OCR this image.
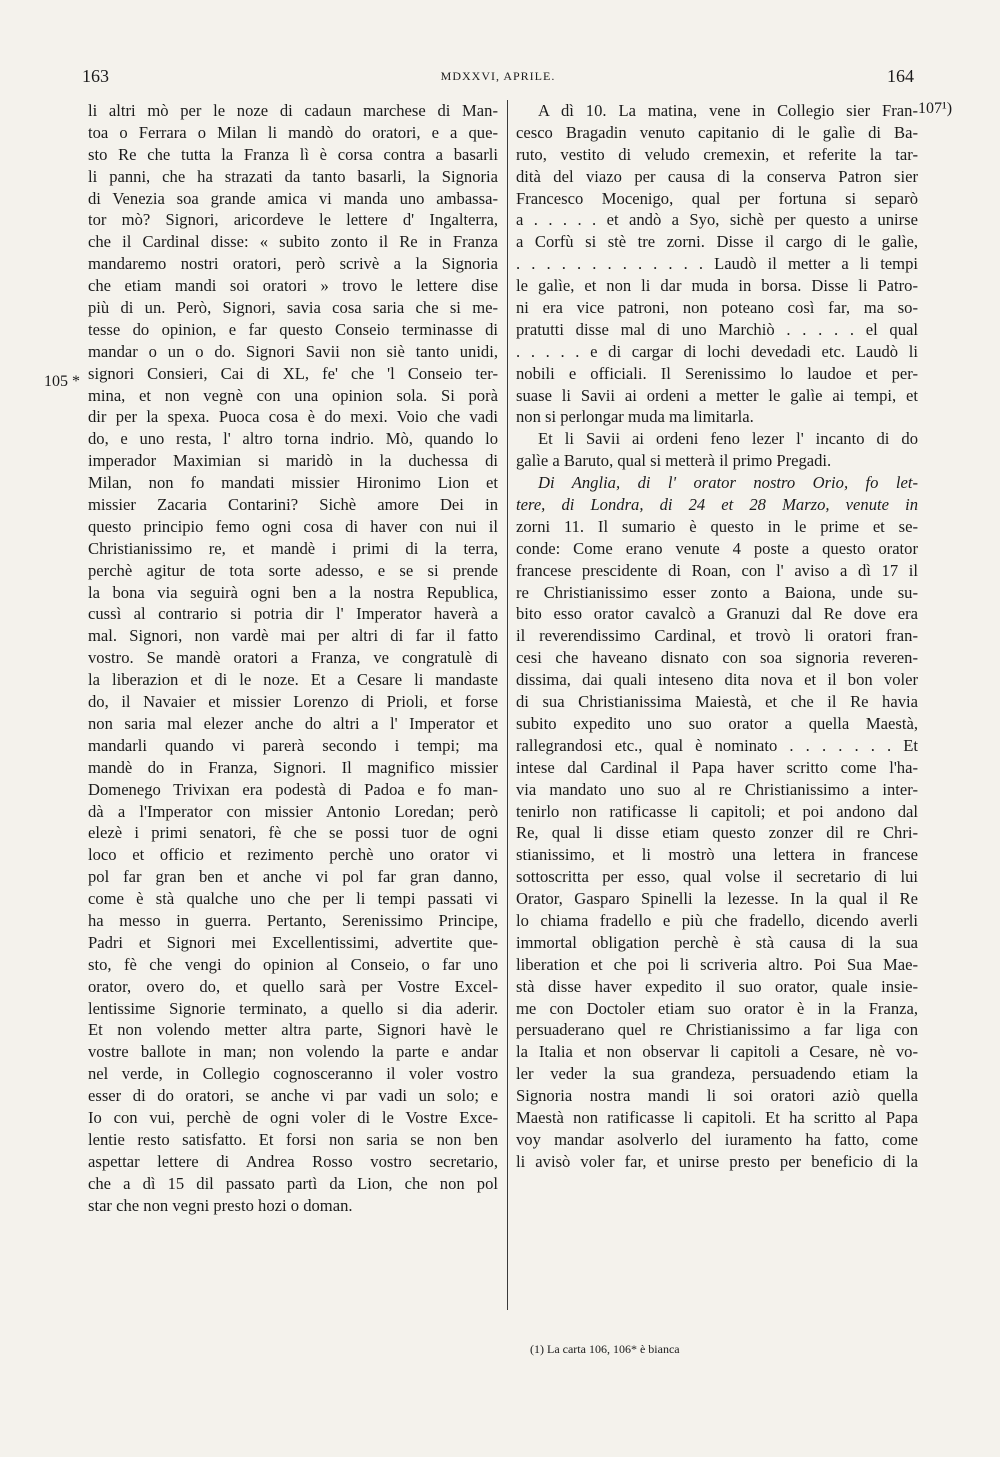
163	MDXXVI, APRILE.	164
105 *
107¹)
li altri mò per le noze di cadaun marchese di Man-
toa o Ferrara o Milan li mandò do oratori, e a que-
sto Re che tutta la Franza lì è corsa contra a basarli
li panni, che ha strazati da tanto basarli, la Signoria
di Venezia soa grande amica vi manda uno ambassa-
tor mò? Signori, aricordeve le lettere d' Ingalterra,
che il Cardinal disse: « subito zonto il Re in Franza
mandaremo nostri oratori, però scrivè a la Signoria
che etiam mandi soi oratori » trovo le lettere dise
più di un. Però, Signori, savia cosa saria che si me-
tesse do opinion, e far questo Conseio terminasse di
mandar o un o do. Signori Savii non siè tanto unidi,
signori Consieri, Cai di XL, fe' che 'l Conseio ter-
mina, et non vegnè con una opinion sola. Si porà
dir per la spexa. Puoca cosa è do mexi. Voio che vadi
do, e uno resta, l' altro torna indrio. Mò, quando lo
imperador Maximian si maridò in la duchessa di
Milan, non fo mandati missier Hironimo Lion et
missier Zacaria Contarini? Sichè amore Dei in
questo principio femo ogni cosa di haver con nui il
Christianissimo re, et mandè i primi di la terra,
perchè agitur de tota sorte adesso, e se si prende
la bona via seguirà ogni ben a la nostra Republica,
cussì al contrario si potria dir l' Imperator haverà a
mal. Signori, non vardè mai per altri di far il fatto
vostro. Se mandè oratori a Franza, ve congratulè di
la liberazion et di le noze. Et a Cesare li mandaste
do, il Navaier et missier Lorenzo di Prioli, et forse
non saria mal elezer anche do altri a l' Imperator et
mandarli quando vi parerà secondo i tempi; ma
mandè do in Franza, Signori. Il magnifico missier
Domenego Trivixan era podestà di Padoa e fo man-
dà a l'Imperator con missier Antonio Loredan; però
elezè i primi senatori, fè che se possi tuor de ogni
loco et officio et rezimento perchè uno orator vi
pol far gran ben et anche vi pol far gran danno,
come è stà qualche uno che per li tempi passati vi
ha messo in guerra. Pertanto, Serenissimo Principe,
Padri et Signori mei Excellentissimi, advertite que-
sto, fè che vengi do opinion al Conseio, o far uno
orator, overo do, et quello sarà per Vostre Excel-
lentissime Signorie terminato, a quello si dia aderir.
Et non volendo metter altra parte, Signori havè le
vostre ballote in man; non volendo la parte e andar
nel verde, in Collegio cognosceranno il voler vostro
esser di do oratori, se anche vi par vadi un solo; e
Io con vui, perchè de ogni voler di le Vostre Exce-
lentie resto satisfatto. Et forsi non saria se non ben
aspettar lettere di Andrea Rosso vostro secretario,
che a dì 15 dil passato partì da Lion, che non pol
star che non vegni presto hozi o doman.
A dì 10. La matina, vene in Collegio sier Fran-
cesco Bragadin venuto capitanio di le galìe di Ba-
ruto, vestito di veludo cremexin, et referite la tar-
dità del viazo per causa di la conserva Patron sier
Francesco Mocenigo, qual per fortuna si separò
a . . . . . et andò a Syo, sichè per questo a unirse
a Corfù si stè tre zorni. Disse il cargo di le galìe,
. . . . . . . . . . . . . Laudò il metter a li tempi
le galìe, et non li dar muda in borsa. Disse li Patro-
ni era vice patroni, non poteano così far, ma so-
pratutti disse mal di uno Marchiò . . . . . el qual
. . . . . e di cargar di lochi devedadi etc. Laudò li
nobili e officiali. Il Serenissimo lo laudoe et per-
suase li Savii ai ordeni a metter le galìe ai tempi, et
non si perlongar muda ma limitarla.
Et li Savii ai ordeni feno lezer l' incanto di do
galìe a Baruto, qual si metterà il primo Pregadi.
Di Anglia, di l' orator nostro Orio, fo let-
tere, di Londra, di 24 et 28 Marzo, venute in
zorni 11. Il sumario è questo in le prime et se-
conde: Come erano venute 4 poste a questo orator
francese prescidente di Roan, con l' aviso a dì 17 il
re Christianissimo esser zonto a Baiona, unde su-
bito esso orator cavalcò a Granuzi dal Re dove era
il reverendissimo Cardinal, et trovò li oratori fran-
cesi che haveano disnato con soa signoria reveren-
dissima, dai quali inteseno dita nova et il bon voler
di sua Christianissima Maiestà, et che il Re havia
subito expedito uno suo orator a quella Maestà,
rallegrandosi etc., qual è nominato . . . . . . . Et
intese dal Cardinal il Papa haver scritto come l'ha-
via mandato uno suo al re Christianissimo a inter-
tenirlo non ratificasse li capitoli; et poi andono dal
Re, qual li disse etiam questo zonzer dil re Chri-
stianissimo, et li mostrò una lettera in francese
sottoscritta per esso, qual volse il secretario di lui
Orator, Gasparo Spinelli la lezesse. In la qual il Re
lo chiama fradello e più che fradello, dicendo averli
immortal obligation perchè è stà causa di la sua
liberation et che poi li scriveria altro. Poi Sua Mae-
stà disse haver expedito il suo orator, quale insie-
me con Doctoler etiam suo orator è in la Franza,
persuaderano quel re Christianissimo a far liga con
la Italia et non observar li capitoli a Cesare, nè vo-
ler veder la sua grandeza, persuadendo etiam la
Signoria nostra mandi li soi oratori aziò quella
Maestà non ratificasse li capitoli. Et ha scritto al Papa
voy mandar asolverlo del iuramento ha fatto, come
li avisò voler far, et unirse presto per beneficio di la
(1) La carta 106, 106* è bianca
